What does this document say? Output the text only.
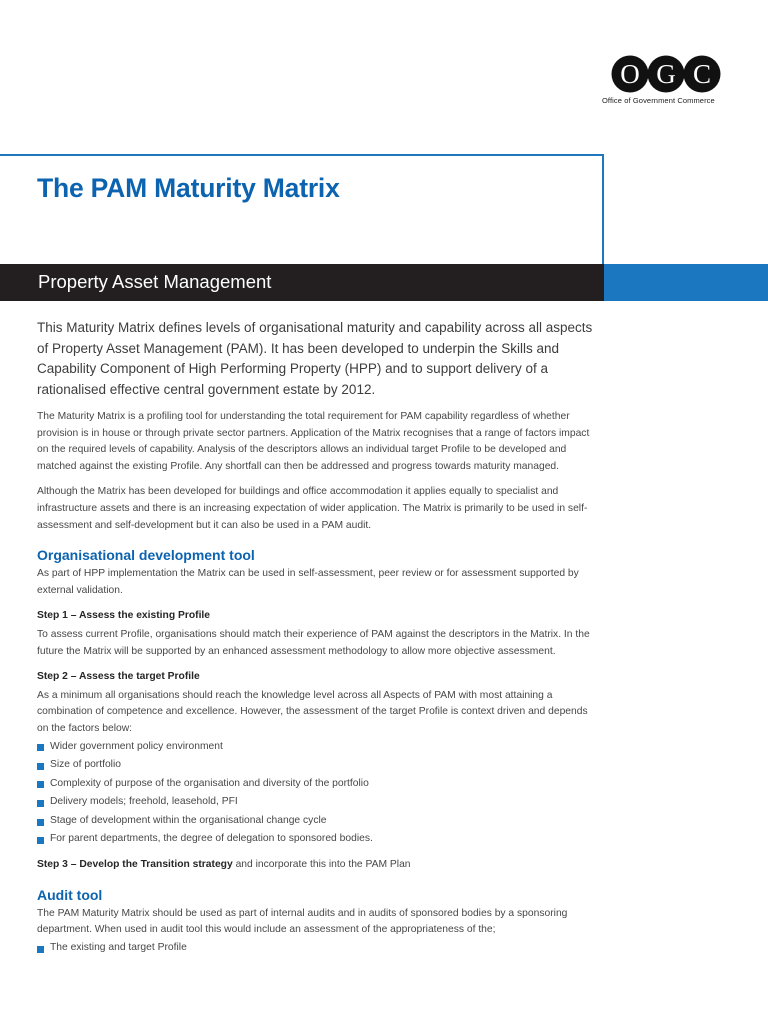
O G C
Office of Government Commerce
The PAM Maturity Matrix
Property Asset Management

This Maturity Matrix defines levels of organisational maturity and capability across all aspects of Property Asset Management (PAM). It has been developed to underpin the Skills and Capability Component of High Performing Property (HPP) and to support delivery of a rationalised effective central government estate by 2012.

The Maturity Matrix is a profiling tool for understanding the total requirement for PAM capability regardless of whether provision is in house or through private sector partners. Application of the Matrix recognises that a range of factors impact on the required levels of capability. Analysis of the descriptors allows an individual target Profile to be developed and matched against the existing Profile. Any shortfall can then be addressed and progress towards maturity managed.

Although the Matrix has been developed for buildings and office accommodation it applies equally to specialist and infrastructure assets and there is an increasing expectation of wider application. The Matrix is primarily to be used in self-assessment and self-development but it can also be used in a PAM audit.

Organisational development tool

As part of HPP implementation the Matrix can be used in self-assessment, peer review or for assessment supported by external validation.

Step 1 – Assess the existing Profile

To assess current Profile, organisations should match their experience of PAM against the descriptors in the Matrix. In the future the Matrix will be supported by an enhanced assessment methodology to allow more objective assessment.

Step 2 – Assess the target Profile

As a minimum all organisations should reach the knowledge level across all Aspects of PAM with most attaining a combination of competence and excellence. However, the assessment of the target Profile is context driven and depends on the factors below:

Wider government policy environment
Size of portfolio
Complexity of purpose of the organisation and diversity of the portfolio
Delivery models; freehold, leasehold, PFI
Stage of development within the organisational change cycle
For parent departments, the degree of delegation to sponsored bodies.

Step 3 – Develop the Transition strategy and incorporate this into the PAM Plan

Audit tool

The PAM Maturity Matrix should be used as part of internal audits and in audits of sponsored bodies by a sponsoring department. When used in audit tool this would include an assessment of the appropriateness of the;

The existing and target Profile
